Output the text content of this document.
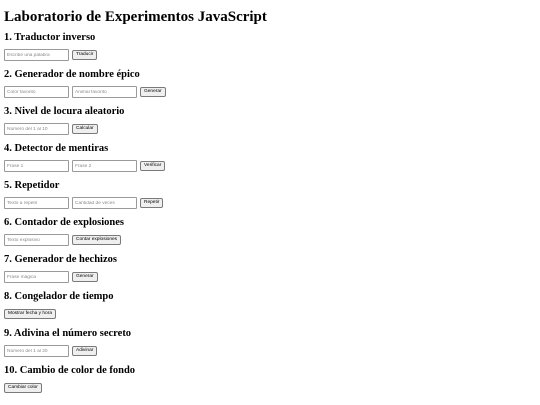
Laboratorio de Experimentos JavaScript
1. Traductor inverso
Escribe una palabra
Traducir
2. Generador de nombre épico
Color favorito
Animal favorito
Generar
3. Nivel de locura aleatorio
Número del 1 al 10
Calcular
4. Detector de mentiras
Frase 1
Frase 2
Verificar
5. Repetidor
Texto a repetir
Cantidad de veces
Repetir
6. Contador de explosiones
Texto explosivo
Contar explosiones
7. Generador de hechizos
Frase mágica
Generar
8. Congelador de tiempo
Mostrar fecha y hora
9. Adivina el número secreto
Número del 1 al 20
Adivinar
10. Cambio de color de fondo
Cambiar color
